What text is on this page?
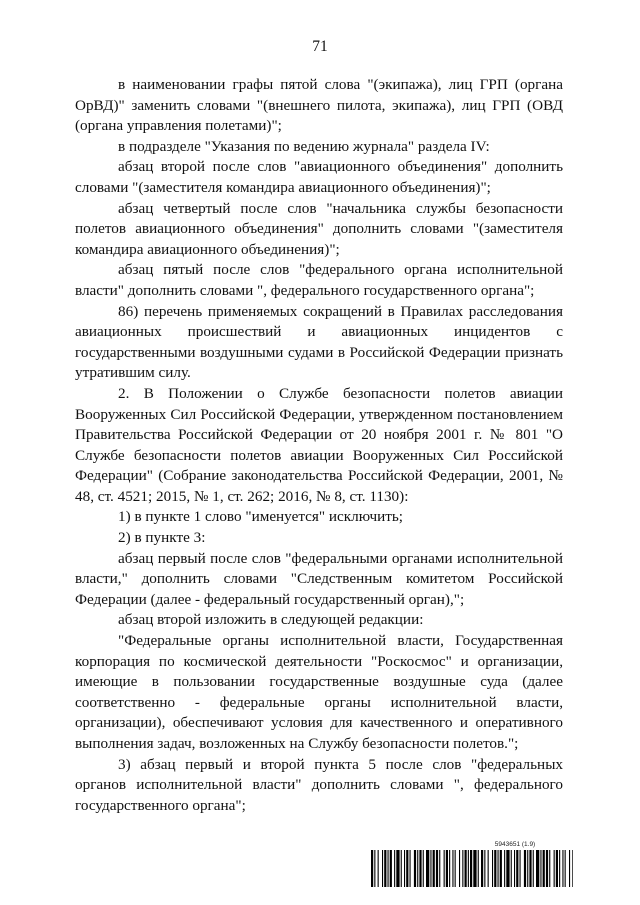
71

в наименовании графы пятой слова "(экипажа), лиц ГРП (органа ОрВД)" заменить словами "(внешнего пилота, экипажа), лиц ГРП (ОВД (органа управления полетами)";

в подразделе "Указания по ведению журнала" раздела IV:

абзац второй после слов "авиационного объединения" дополнить словами "(заместителя командира авиационного объединения)";

абзац четвертый после слов "начальника службы безопасности полетов авиационного объединения" дополнить словами "(заместителя командира авиационного объединения)";

абзац пятый после слов "федерального органа исполнительной власти" дополнить словами ", федерального государственного органа";

86) перечень применяемых сокращений в Правилах расследования авиационных происшествий и авиационных инцидентов с государственными воздушными судами в Российской Федерации признать утратившим силу.

2. В Положении о Службе безопасности полетов авиации Вооруженных Сил Российской Федерации, утвержденном постановлением Правительства Российской Федерации от 20 ноября 2001 г. № 801 "О Службе безопасности полетов авиации Вооруженных Сил Российской Федерации" (Собрание законодательства Российской Федерации, 2001, № 48, ст. 4521; 2015, № 1, ст. 262; 2016, № 8, ст. 1130):

1) в пункте 1 слово "именуется" исключить;

2) в пункте 3:

абзац первый после слов "федеральными органами исполнительной власти," дополнить словами "Следственным комитетом Российской Федерации (далее - федеральный государственный орган),";

абзац второй изложить в следующей редакции:

"Федеральные органы исполнительной власти, Государственная корпорация по космической деятельности "Роскосмос" и организации, имеющие в пользовании государственные воздушные суда (далее соответственно - федеральные органы исполнительной власти, организации), обеспечивают условия для качественного и оперативного выполнения задач, возложенных на Службу безопасности полетов.";

3) абзац первый и второй пункта 5 после слов "федеральных органов исполнительной власти" дополнить словами ", федерального государственного органа";

5943651 (1.9)
